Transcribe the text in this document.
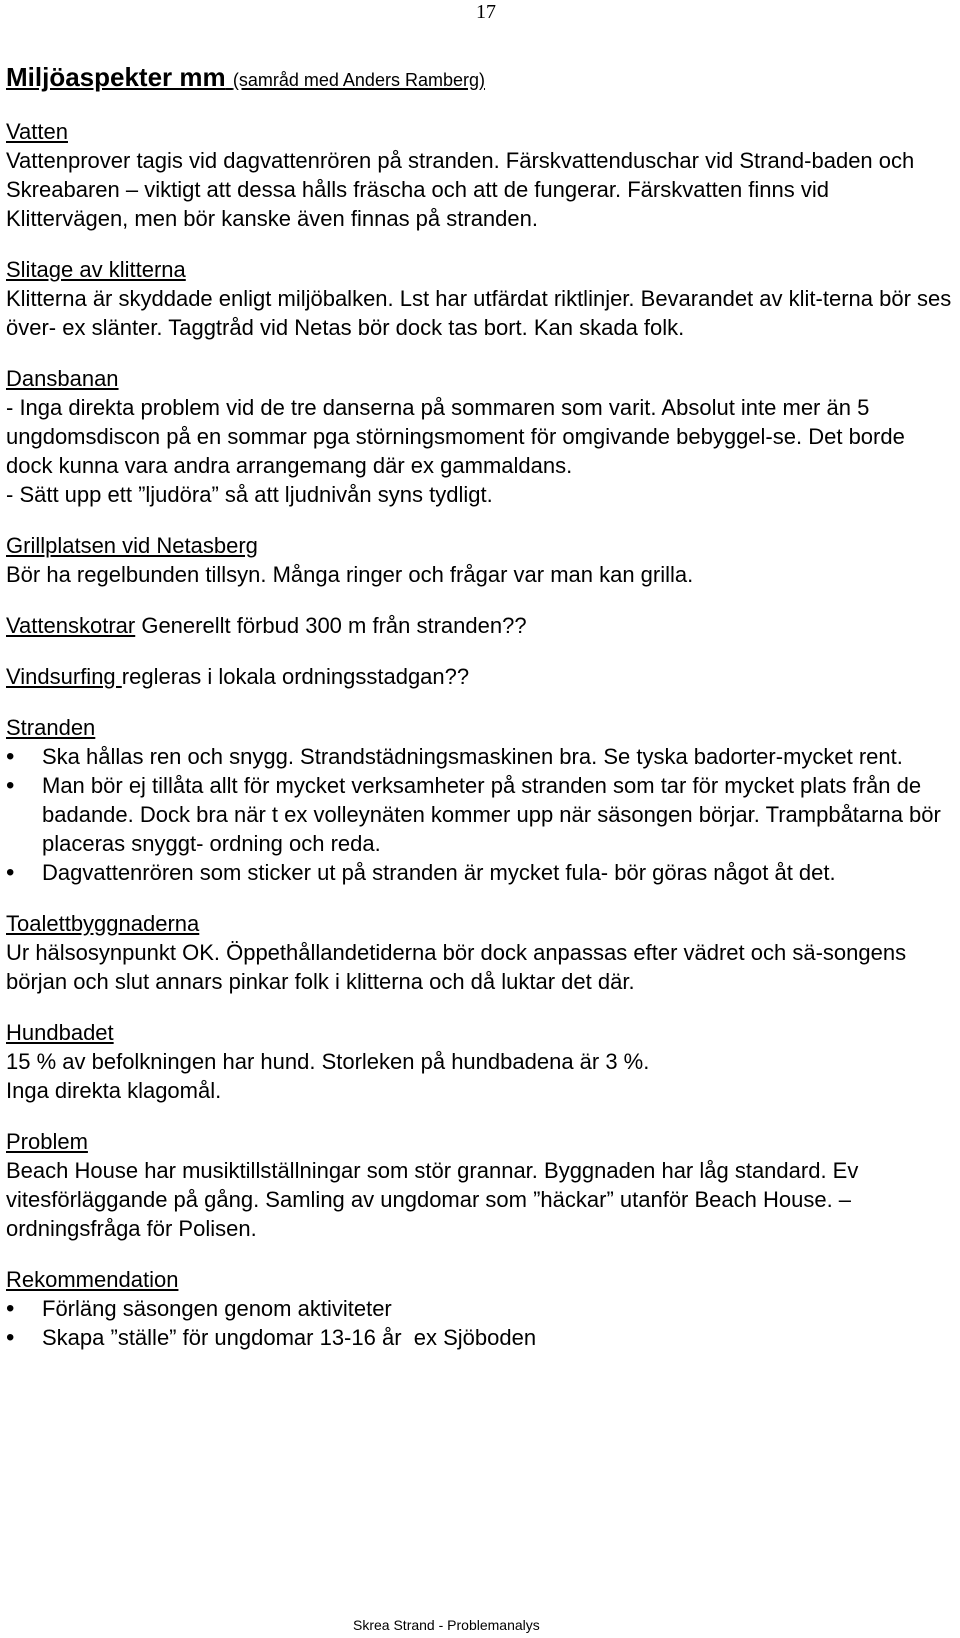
17
Miljöaspekter mm (samråd med Anders Ramberg)

Vatten

Vattenprover tagis vid dagvattenrören på stranden. Färskvattenduschar vid Strand-baden och Skreabaren – viktigt att dessa hålls fräscha och att de fungerar. Färskvatten finns vid Klittervägen, men bör kanske även finnas på stranden.

Slitage av klitterna

Klitterna är skyddade enligt miljöbalken. Lst har utfärdat riktlinjer. Bevarandet av klit-terna bör ses över- ex slänter. Taggtråd vid Netas bör dock tas bort. Kan skada folk.

Dansbanan

- Inga direkta problem vid de tre danserna på sommaren som varit. Absolut inte mer än 5 ungdomsdiscon på en sommar pga störningsmoment för omgivande bebyggel-se. Det borde dock kunna vara andra arrangemang där ex gammaldans.

- Sätt upp ett ”ljudöra” så att ljudnivån syns tydligt.

Grillplatsen vid Netasberg

Bör ha regelbunden tillsyn. Många ringer och frågar var man kan grilla.

Vattenskotrar Generellt förbud 300 m från stranden??

Vindsurfing regleras i lokala ordningsstadgan??

Stranden

• Ska hållas ren och snygg. Strandstädningsmaskinen bra. Se tyska badorter-mycket rent.
• Man bör ej tillåta allt för mycket verksamheter på stranden som tar för mycket plats från de badande. Dock bra när t ex volleynäten kommer upp när säsongen börjar. Trampbåtarna bör placeras snyggt- ordning och reda.
• Dagvattenrören som sticker ut på stranden är mycket fula- bör göras något åt det.

Toalettbyggnaderna

Ur hälsosynpunkt OK. Öppethållandetiderna bör dock anpassas efter vädret och sä-songens början och slut annars pinkar folk i klitterna och då luktar det där.

Hundbadet

15 % av befolkningen har hund. Storleken på hundbadena är 3 %.

Inga direkta klagomål.

Problem

Beach House har musiktillställningar som stör grannar. Byggnaden har låg standard. Ev vitesförläggande på gång. Samling av ungdomar som ”häckar” utanför Beach House. – ordningsfråga för Polisen.

Rekommendation

• Förläng säsongen genom aktiviteter
• Skapa ”ställe” för ungdomar 13-16 år  ex Sjöboden
Skrea Strand - Problemanalys
